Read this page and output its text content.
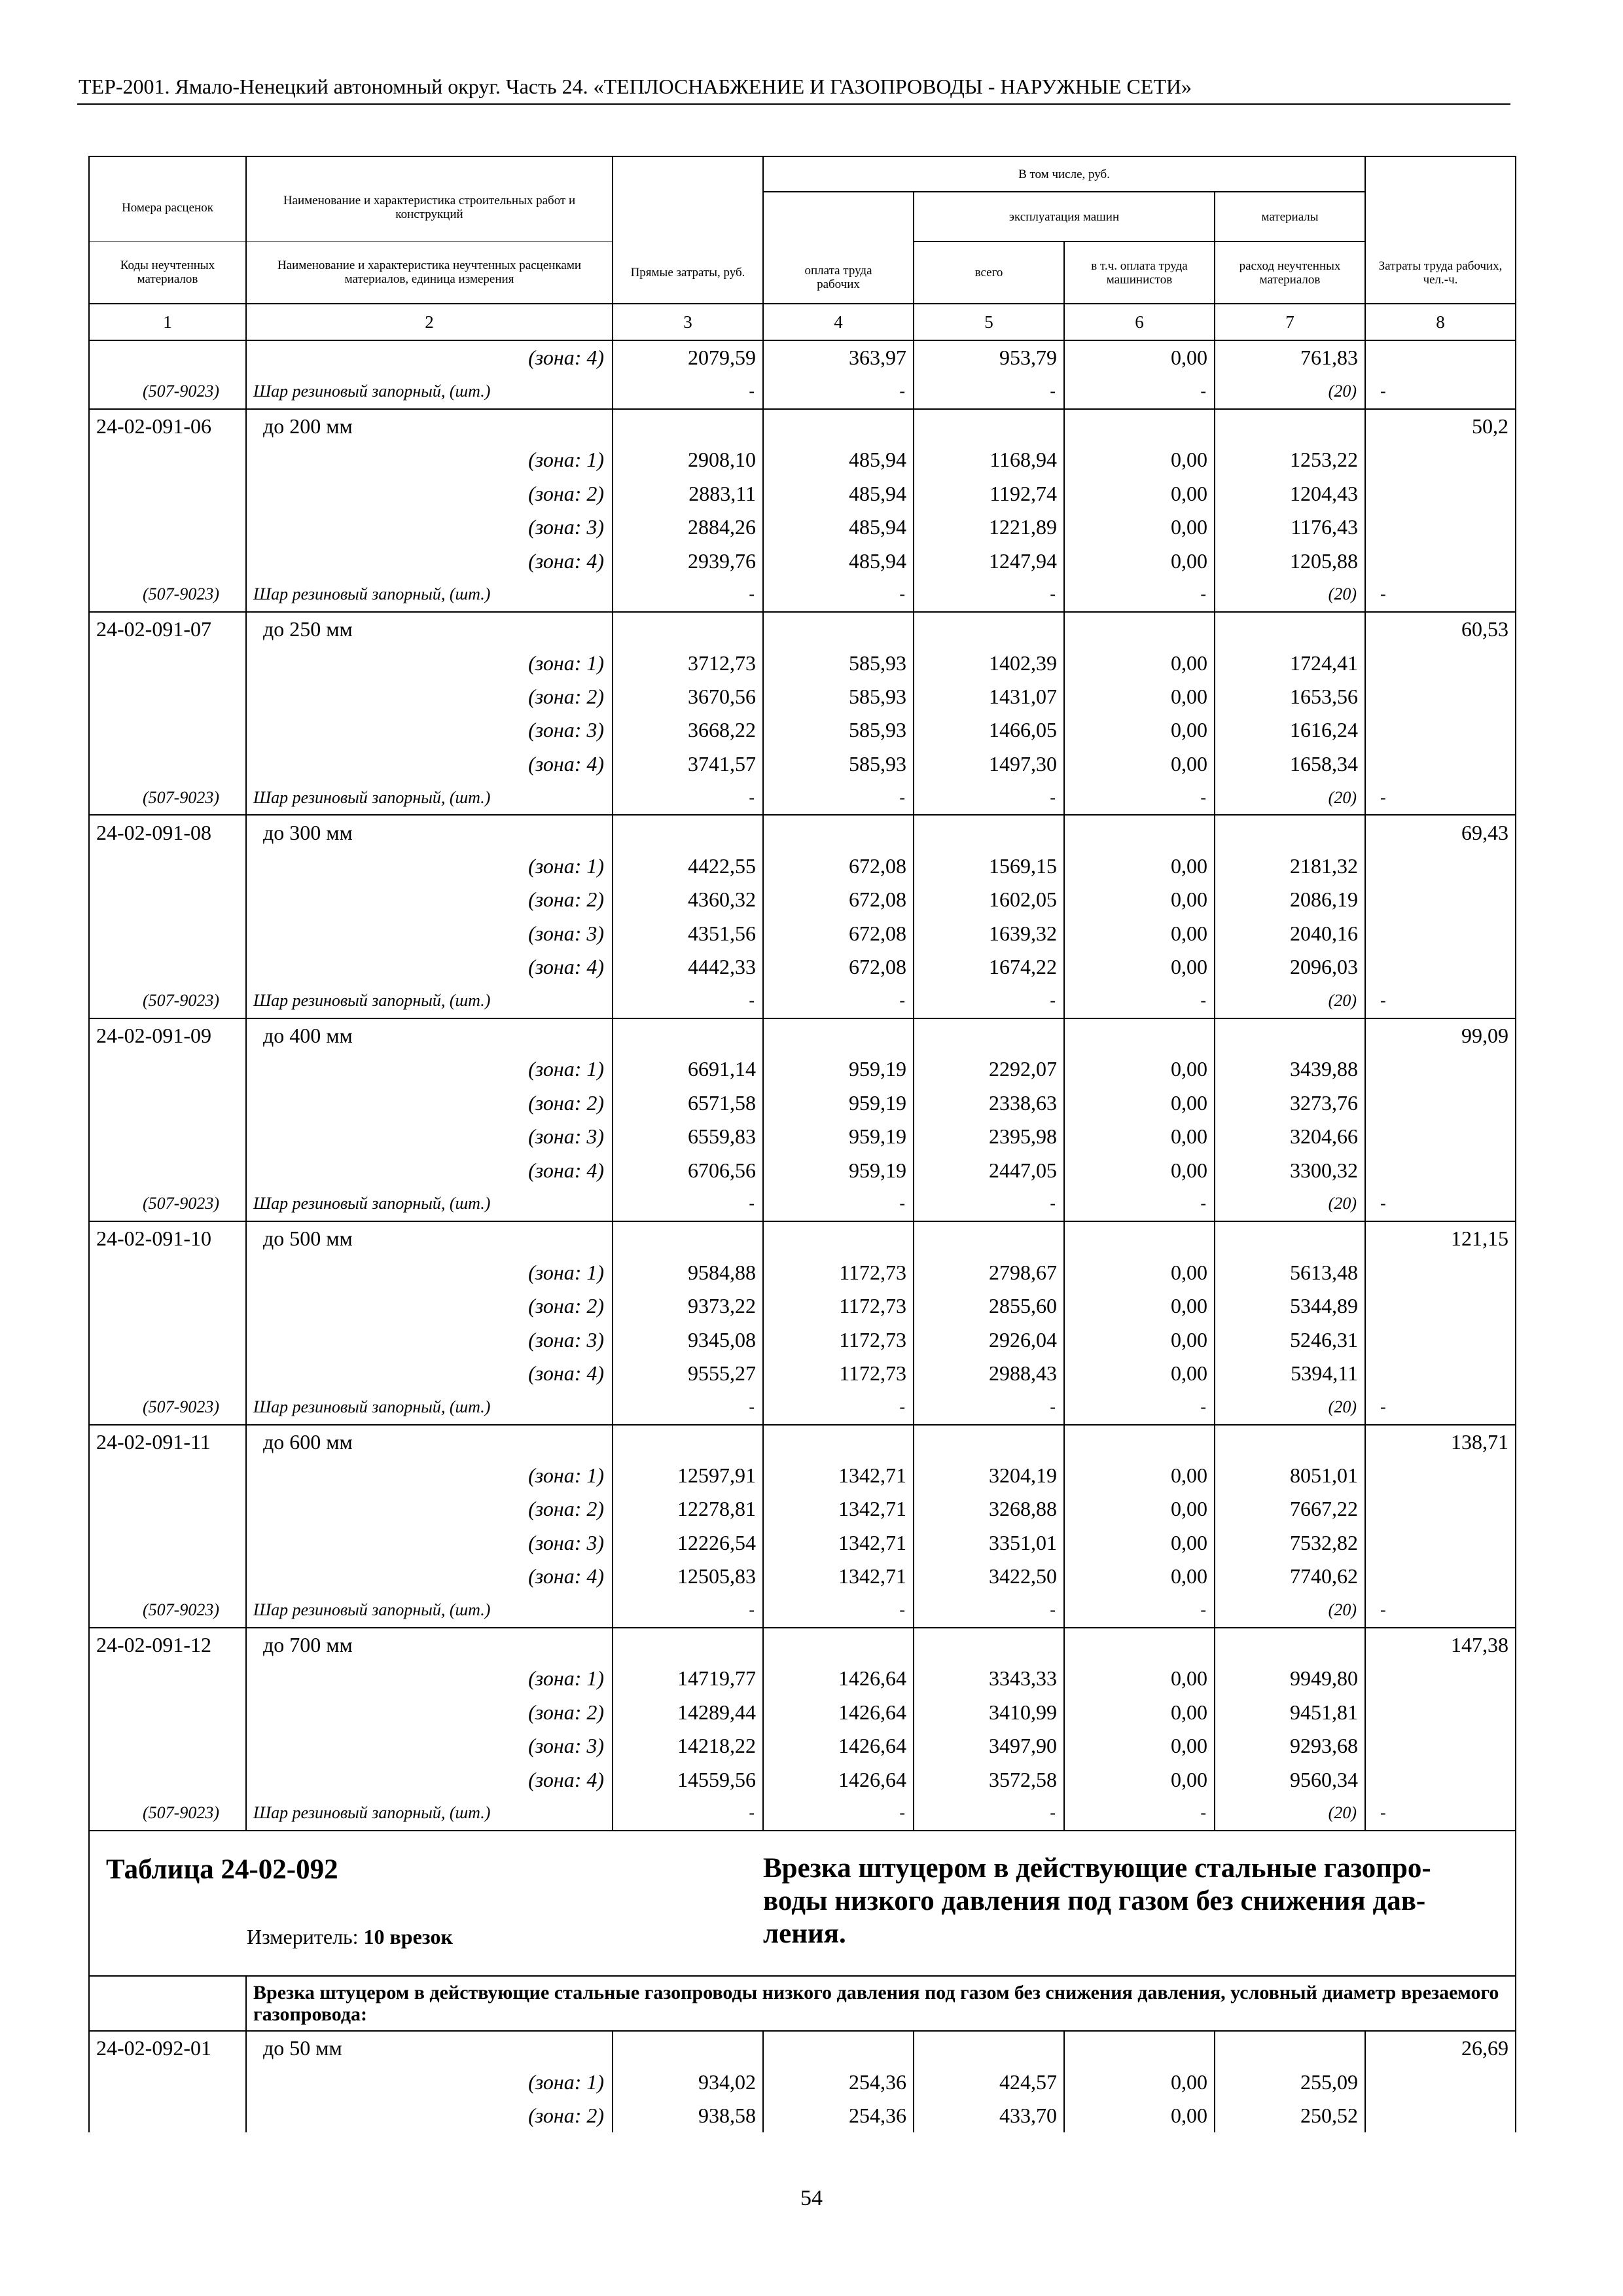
ТЕР-2001. Ямало-Ненецкий автономный округ. Часть 24. «ТЕПЛОСНАБЖЕНИЕ И ГАЗОПРОВОДЫ - НАРУЖНЫЕ СЕТИ»
Номера расценок	Наименование и характеристика строительных работ и конструкций	Прямые затраты, руб.	В том числе, руб.				Затраты труда рабочих, чел.-ч.
			оплата труда рабочих	эксплуатация машин		материалы	
Коды неучтенных материалов	Наименование и характеристика неучтенных расценками материалов, единица измерения			всего	в т.ч. оплата труда машинистов	расход неучтенных материалов	

1	2	3	4	5	6	7	8
	(зона: 4)	2079,59	363,97	953,79	0,00	761,83	
(507-9023)	Шар резиновый запорный, (шт.)	-	-	-	-	(20)	-
24-02-091-06	до 200 мм						50,2
	(зона: 1)	2908,10	485,94	1168,94	0,00	1253,22	
	(зона: 2)	2883,11	485,94	1192,74	0,00	1204,43	
	(зона: 3)	2884,26	485,94	1221,89	0,00	1176,43	
	(зона: 4)	2939,76	485,94	1247,94	0,00	1205,88	
(507-9023)	Шар резиновый запорный, (шт.)	-	-	-	-	(20)	-
24-02-091-07	до 250 мм						60,53
	(зона: 1)	3712,73	585,93	1402,39	0,00	1724,41	
	(зона: 2)	3670,56	585,93	1431,07	0,00	1653,56	
	(зона: 3)	3668,22	585,93	1466,05	0,00	1616,24	
	(зона: 4)	3741,57	585,93	1497,30	0,00	1658,34	
(507-9023)	Шар резиновый запорный, (шт.)	-	-	-	-	(20)	-
24-02-091-08	до 300 мм						69,43
	(зона: 1)	4422,55	672,08	1569,15	0,00	2181,32	
	(зона: 2)	4360,32	672,08	1602,05	0,00	2086,19	
	(зона: 3)	4351,56	672,08	1639,32	0,00	2040,16	
	(зона: 4)	4442,33	672,08	1674,22	0,00	2096,03	
(507-9023)	Шар резиновый запорный, (шт.)	-	-	-	-	(20)	-
24-02-091-09	до 400 мм						99,09
	(зона: 1)	6691,14	959,19	2292,07	0,00	3439,88	
	(зона: 2)	6571,58	959,19	2338,63	0,00	3273,76	
	(зона: 3)	6559,83	959,19	2395,98	0,00	3204,66	
	(зона: 4)	6706,56	959,19	2447,05	0,00	3300,32	
(507-9023)	Шар резиновый запорный, (шт.)	-	-	-	-	(20)	-
24-02-091-10	до 500 мм						121,15
	(зона: 1)	9584,88	1172,73	2798,67	0,00	5613,48	
	(зона: 2)	9373,22	1172,73	2855,60	0,00	5344,89	
	(зона: 3)	9345,08	1172,73	2926,04	0,00	5246,31	
	(зона: 4)	9555,27	1172,73	2988,43	0,00	5394,11	
(507-9023)	Шар резиновый запорный, (шт.)	-	-	-	-	(20)	-
24-02-091-11	до 600 мм						138,71
	(зона: 1)	12597,91	1342,71	3204,19	0,00	8051,01	
	(зона: 2)	12278,81	1342,71	3268,88	0,00	7667,22	
	(зона: 3)	12226,54	1342,71	3351,01	0,00	7532,82	
	(зона: 4)	12505,83	1342,71	3422,50	0,00	7740,62	
(507-9023)	Шар резиновый запорный, (шт.)	-	-	-	-	(20)	-
24-02-091-12	до 700 мм						147,38
	(зона: 1)	14719,77	1426,64	3343,33	0,00	9949,80	
	(зона: 2)	14289,44	1426,64	3410,99	0,00	9451,81	
	(зона: 3)	14218,22	1426,64	3497,90	0,00	9293,68	
	(зона: 4)	14559,56	1426,64	3572,58	0,00	9560,34	
(507-9023)	Шар резиновый запорный, (шт.)	-	-	-	-	(20)	-

Таблица 24-02-092
Измеритель: 10 врезок			Врезка штуцером в действующие стальные газопро-воды низкого давления под газом без снижения дав-ления.				

	Врезка штуцером в действующие стальные газопроводы низкого давления под газом без снижения давления, условный диаметр врезаемого газопровода:						

24-02-092-01	до 50 мм						26,69
	(зона: 1)	934,02	254,36	424,57	0,00	255,09	
	(зона: 2)	938,58	254,36	433,70	0,00	250,52	
54
